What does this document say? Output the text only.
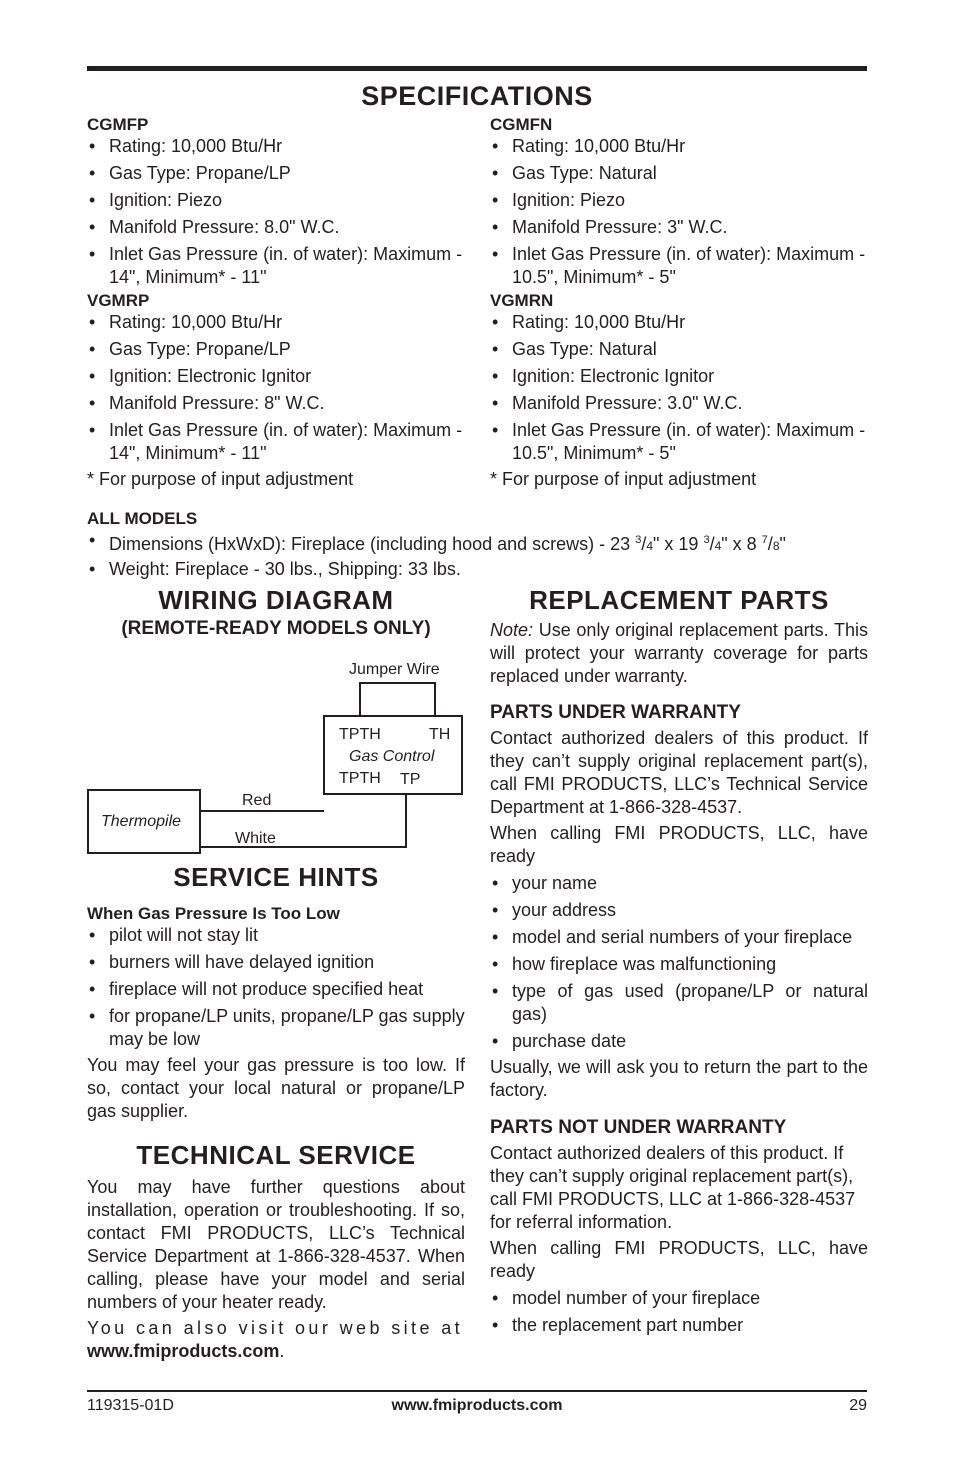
SPECIFICATIONS
CGMFP
• Rating: 10,000 Btu/Hr
• Gas Type: Propane/LP
• Ignition: Piezo
• Manifold Pressure: 8.0" W.C.
• Inlet Gas Pressure (in. of water): Maximum - 14", Minimum* - 11"
VGMRP
• Rating: 10,000 Btu/Hr
• Gas Type: Propane/LP
• Ignition: Electronic Ignitor
• Manifold Pressure: 8" W.C.
• Inlet Gas Pressure (in. of water): Maximum - 14", Minimum* - 11"

* For purpose of input adjustment

CGMFN
• Rating: 10,000 Btu/Hr
• Gas Type: Natural
• Ignition: Piezo
• Manifold Pressure: 3" W.C.
• Inlet Gas Pressure (in. of water): Maximum - 10.5", Minimum* - 5"
VGMRN
• Rating: 10,000 Btu/Hr
• Gas Type: Natural
• Ignition: Electronic Ignitor
• Manifold Pressure: 3.0" W.C.
• Inlet Gas Pressure (in. of water): Maximum - 10.5", Minimum* - 5"

* For purpose of input adjustment

ALL MODELS
• Dimensions (HxWxD): Fireplace (including hood and screws) - 23 $^3$/4" x 19 $^3$/4" x 8 $^7$/8"
• Weight: Fireplace - 30 lbs., Shipping: 33 lbs.
WIRING DIAGRAM
(REMOTE-READY MODELS ONLY)
Jumper Wire
TPTH	TH
Gas Control
TPTH TP
Red
White
Thermopile
SERVICE HINTS
When Gas Pressure Is Too Low
• pilot will not stay lit
• burners will have delayed ignition
• fireplace will not produce specified heat
• for propane/LP units, propane/LP gas supply may be low

You may feel your gas pressure is too low. If so, contact your local natural or propane/LP gas supplier.

TECHNICAL SERVICE

You may have further questions about installation, operation or troubleshooting. If so, contact FMI PRODUCTS, LLC’s Technical Service Department at 1-866-328-4537. When calling, please have your model and serial numbers of your heater ready.

You can also visit our web site at
www.fmiproducts.com.

REPLACEMENT PARTS

Note: Use only original replacement parts. This will protect your warranty coverage for parts replaced under warranty.

PARTS UNDER WARRANTY

Contact authorized dealers of this product. If they can’t supply original replacement part(s), call FMI PRODUCTS, LLC’s Technical Service Department at 1-866-328-4537.

When calling FMI PRODUCTS, LLC, have ready

• your name
• your address
• model and serial numbers of your fireplace
• how fireplace was malfunctioning
• type of gas used (propane/LP or natural gas)
• purchase date

Usually, we will ask you to return the part to the factory.

PARTS NOT UNDER WARRANTY

Contact authorized dealers of this product. If they can’t supply original replacement part(s), call FMI PRODUCTS, LLC at 1-866-328-4537 for referral information.

When calling FMI PRODUCTS, LLC, have ready

• model number of your fireplace
• the replacement part number
119315-01D	www.fmiproducts.com	29
